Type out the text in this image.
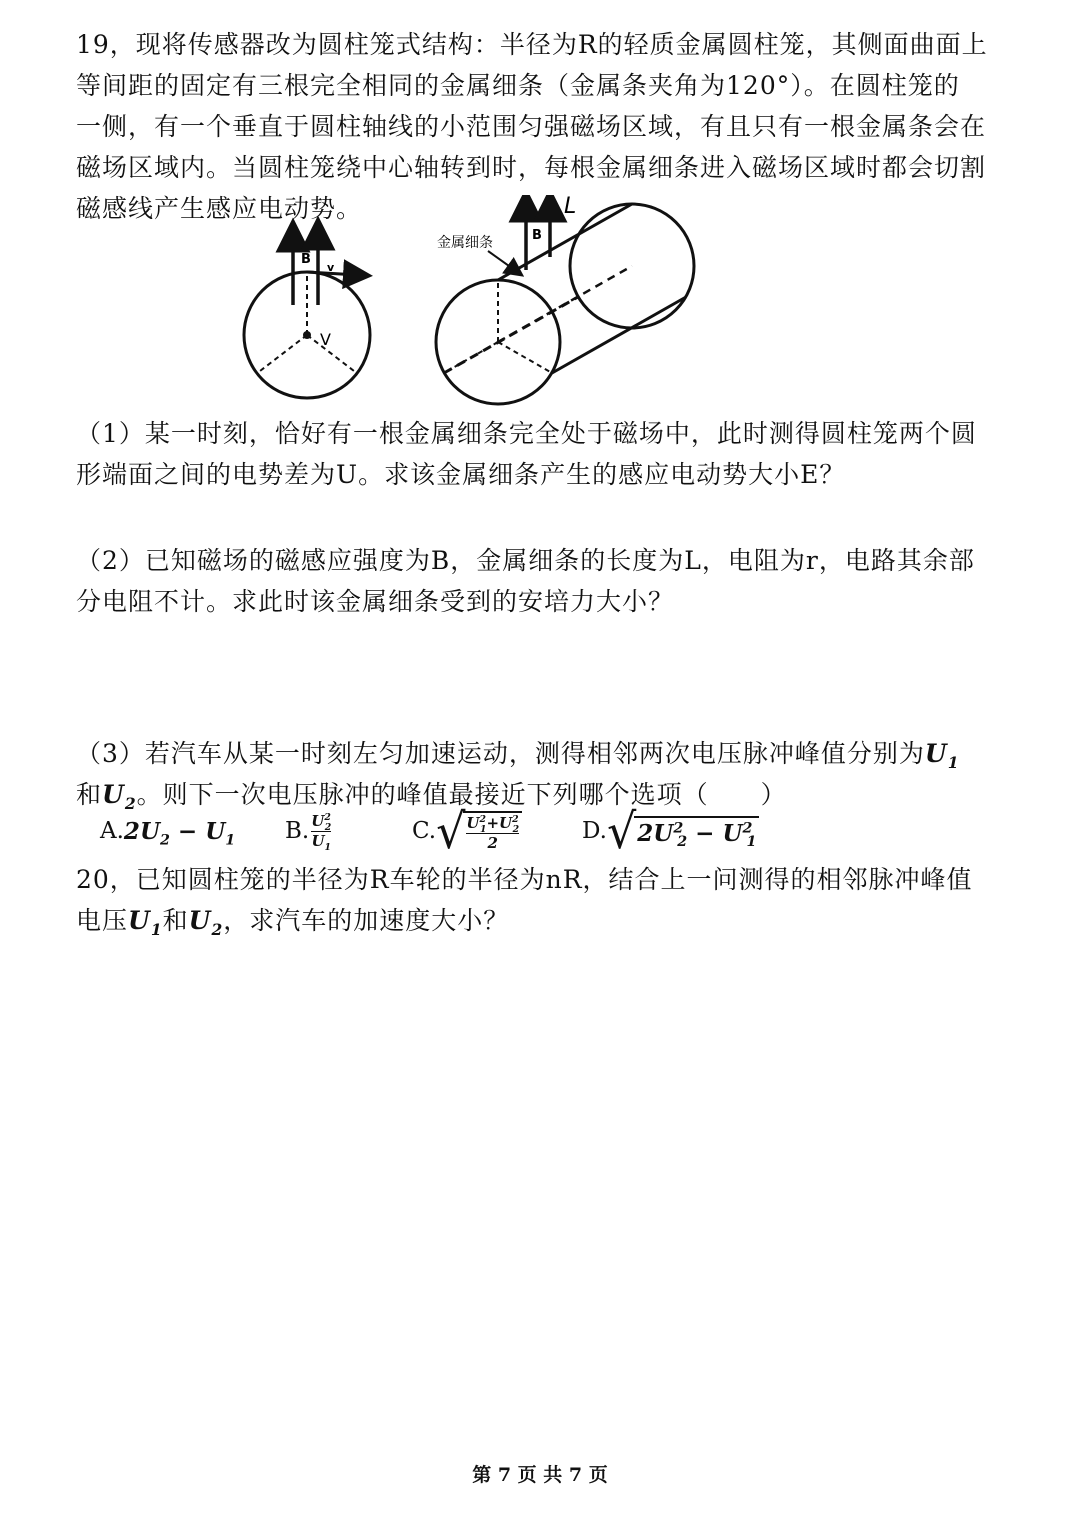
19，现将传感器改为圆柱笼式结构：半径为R的轻质金属圆柱笼，其侧面曲面上
等间距的固定有三根完全相同的金属细条（金属条夹角为120°）。在圆柱笼的
一侧，有一个垂直于圆柱轴线的小范围匀强磁场区域，有且只有一根金属条会在
磁场区域内。当圆柱笼绕中心轴转到时，每根金属细条进入磁场区域时都会切割
磁感线产生感应电动势。
B
v
V
B
金属细条
L
（1）某一时刻，恰好有一根金属细条完全处于磁场中，此时测得圆柱笼两个圆
形端面之间的电势差为U。求该金属细条产生的感应电动势大小E？
（2）已知磁场的磁感应强度为B，金属细条的长度为L，电阻为r，电路其余部
分电阻不计。求此时该金属细条受到的安培力大小？
（3）若汽车从某一时刻左匀加速运动，测得相邻两次电压脉冲峰值分别为$U_1$
和$U_2$。则下一次电压脉冲的峰值最接近下列哪个选项（　　）
A. $2U_2 - U_1$ B. $\frac{U^2_2}{U_1}$	C. √
$\frac{U^2_1+U^2_2}{2}$	D. √ $2U^2_2 - U^2_1$
20，已知圆柱笼的半径为R车轮的半径为nR，结合上一问测得的相邻脉冲峰值
电压$U_1$和$U_2$，求汽车的加速度大小？
第 7 页 共 7 页
